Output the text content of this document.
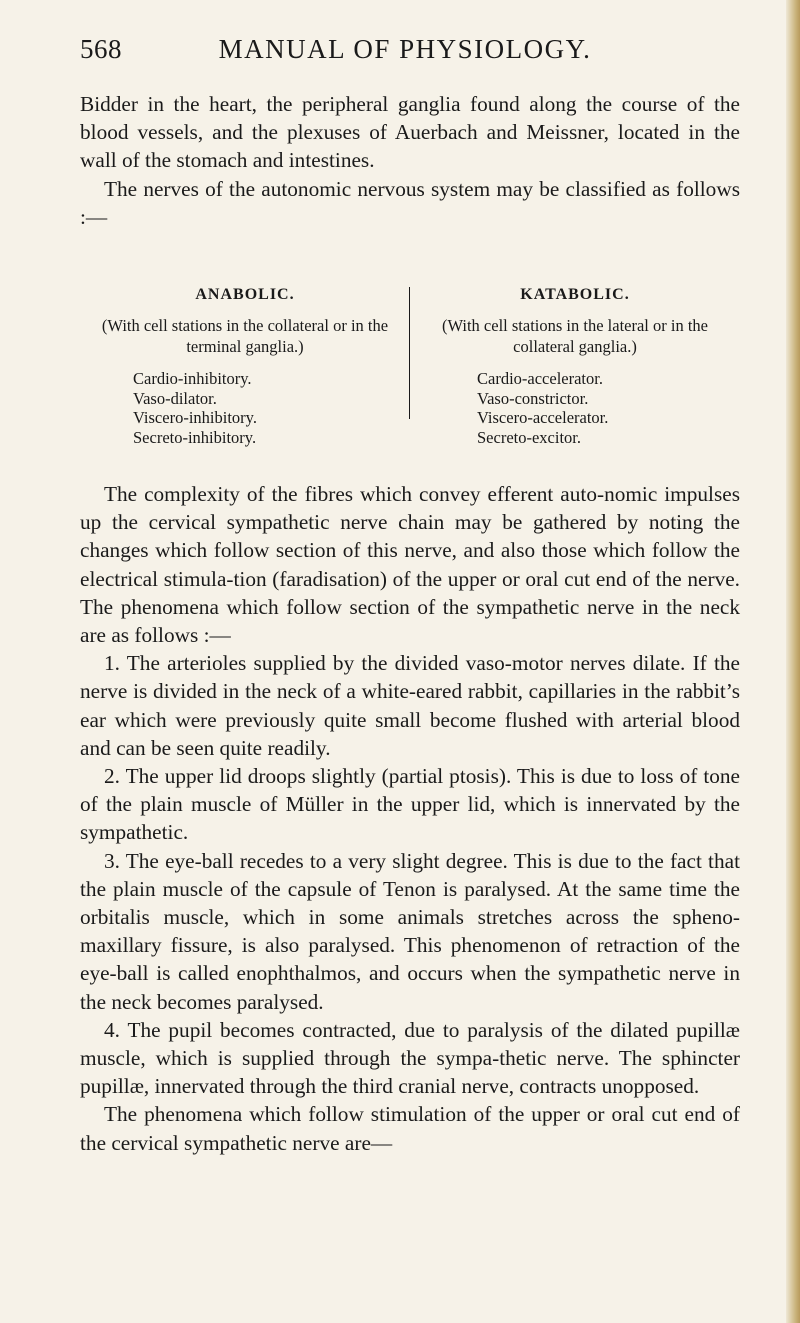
568	MANUAL OF PHYSIOLOGY.

Bidder in the heart, the peripheral ganglia found along the course of the blood vessels, and the plexuses of Auerbach and Meissner, located in the wall of the stomach and intestines.

The nerves of the autonomic nervous system may be classified as follows :—

ANABOLIC.
(With cell stations in the collateral or in the terminal ganglia.)
Cardio-inhibitory.
Vaso-dilator.
Viscero-inhibitory.
Secreto-inhibitory.
KATABOLIC.
(With cell stations in the lateral or in the collateral ganglia.)
Cardio-accelerator.
Vaso-constrictor.
Viscero-accelerator.
Secreto-excitor.

The complexity of the fibres which convey efferent auto-nomic impulses up the cervical sympathetic nerve chain may be gathered by noting the changes which follow section of this nerve, and also those which follow the electrical stimula-tion (faradisation) of the upper or oral cut end of the nerve. The phenomena which follow section of the sympathetic nerve in the neck are as follows :—

1. The arterioles supplied by the divided vaso-motor nerves dilate. If the nerve is divided in the neck of a white-eared rabbit, capillaries in the rabbit’s ear which were previously quite small become flushed with arterial blood and can be seen quite readily.

2. The upper lid droops slightly (partial ptosis). This is due to loss of tone of the plain muscle of Müller in the upper lid, which is innervated by the sympathetic.

3. The eye-ball recedes to a very slight degree. This is due to the fact that the plain muscle of the capsule of Tenon is paralysed. At the same time the orbitalis muscle, which in some animals stretches across the spheno-maxillary fissure, is also paralysed. This phenomenon of retraction of the eye-ball is called enophthalmos, and occurs when the sympathetic nerve in the neck becomes paralysed.

4. The pupil becomes contracted, due to paralysis of the dilated pupillæ muscle, which is supplied through the sympa-thetic nerve. The sphincter pupillæ, innervated through the third cranial nerve, contracts unopposed.

The phenomena which follow stimulation of the upper or oral cut end of the cervical sympathetic nerve are—
